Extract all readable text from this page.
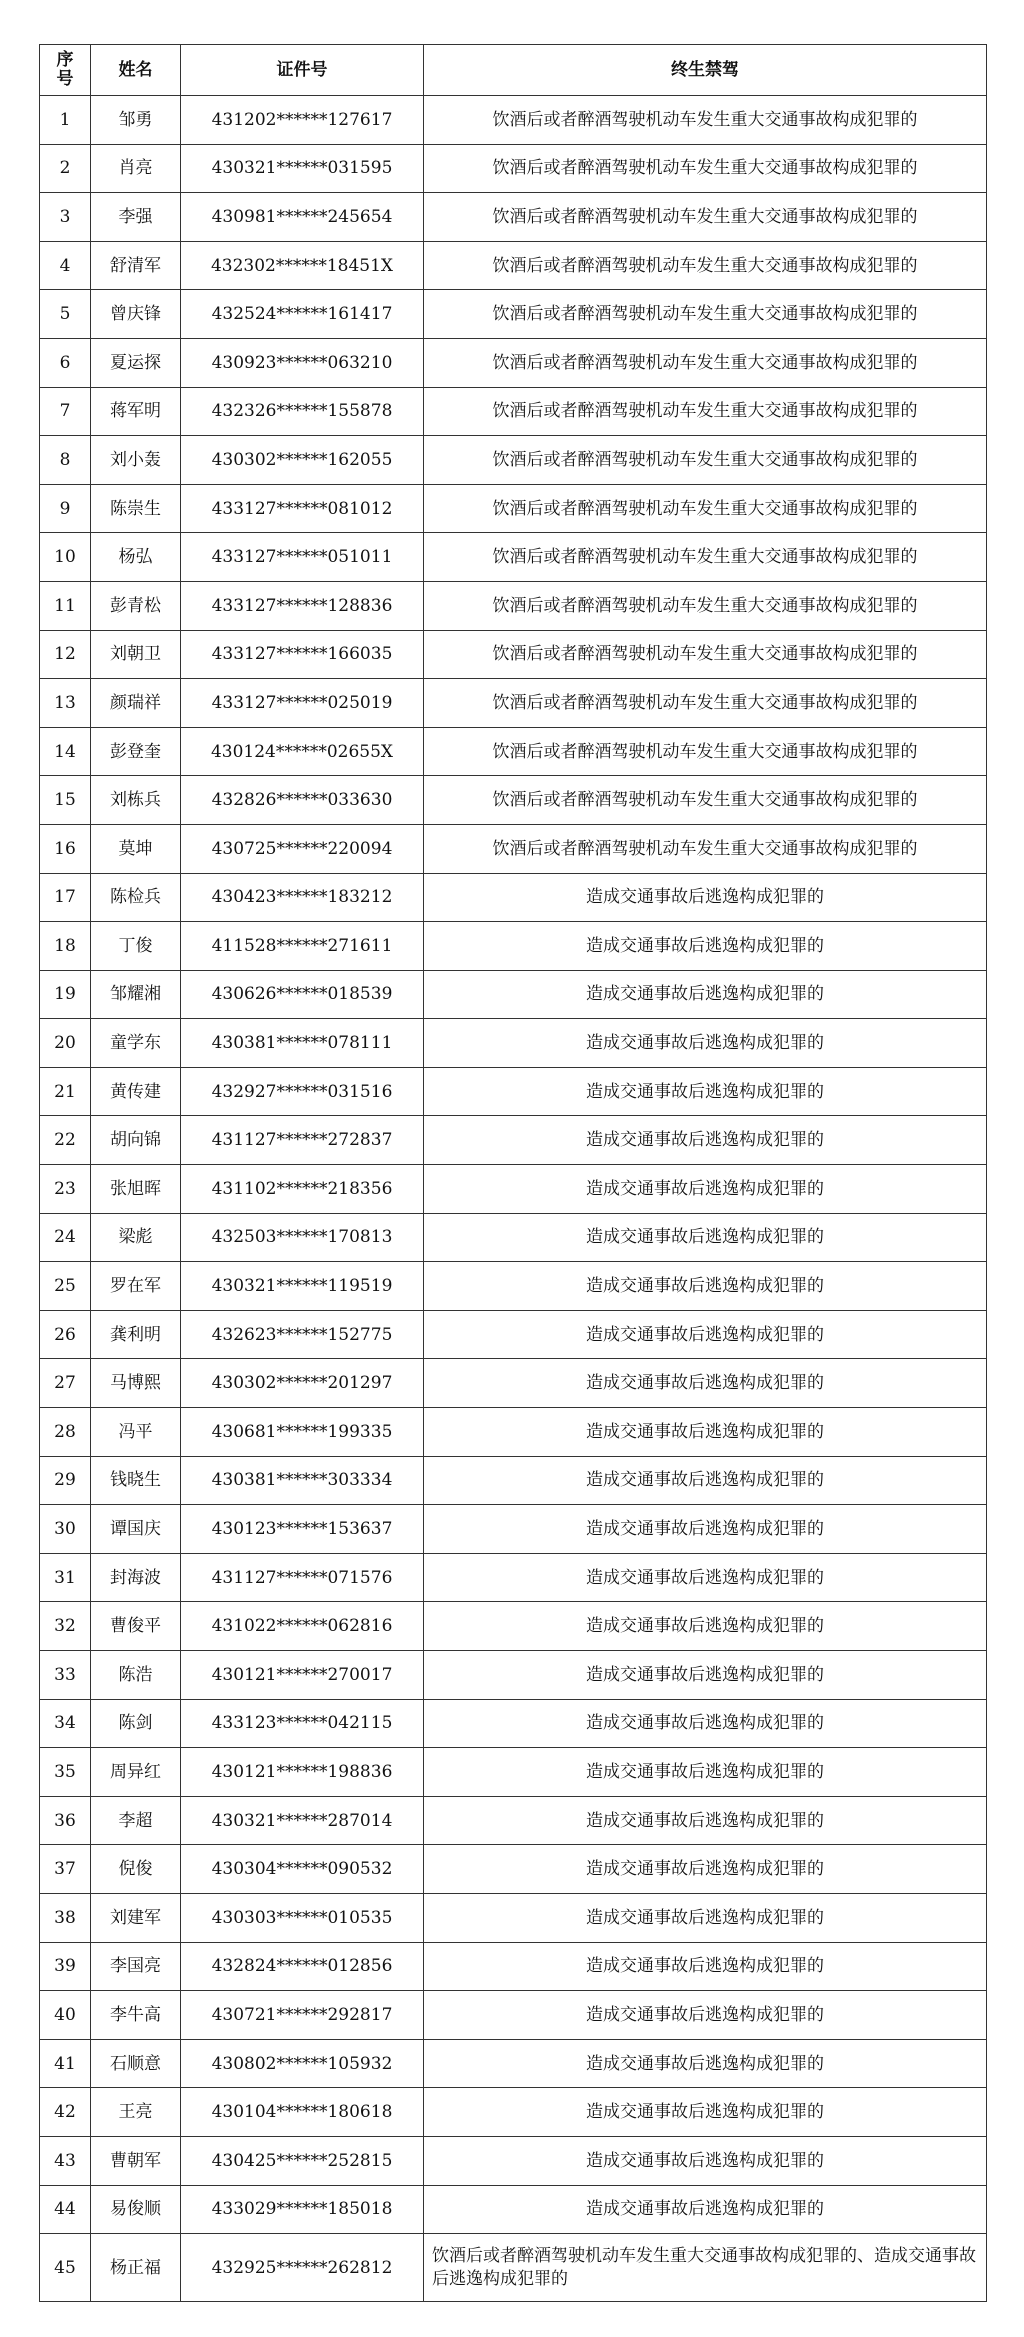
序
号	姓名	证件号	终生禁驾
1	邹勇	431202******127617	饮酒后或者醉酒驾驶机动车发生重大交通事故构成犯罪的
2	肖亮	430321******031595	饮酒后或者醉酒驾驶机动车发生重大交通事故构成犯罪的
3	李强	430981******245654	饮酒后或者醉酒驾驶机动车发生重大交通事故构成犯罪的
4	舒清军	432302******18451X	饮酒后或者醉酒驾驶机动车发生重大交通事故构成犯罪的
5	曾庆锋	432524******161417	饮酒后或者醉酒驾驶机动车发生重大交通事故构成犯罪的
6	夏运探	430923******063210	饮酒后或者醉酒驾驶机动车发生重大交通事故构成犯罪的
7	蒋军明	432326******155878	饮酒后或者醉酒驾驶机动车发生重大交通事故构成犯罪的
8	刘小轰	430302******162055	饮酒后或者醉酒驾驶机动车发生重大交通事故构成犯罪的
9	陈崇生	433127******081012	饮酒后或者醉酒驾驶机动车发生重大交通事故构成犯罪的
10	杨弘	433127******051011	饮酒后或者醉酒驾驶机动车发生重大交通事故构成犯罪的
11	彭青松	433127******128836	饮酒后或者醉酒驾驶机动车发生重大交通事故构成犯罪的
12	刘朝卫	433127******166035	饮酒后或者醉酒驾驶机动车发生重大交通事故构成犯罪的
13	颜瑞祥	433127******025019	饮酒后或者醉酒驾驶机动车发生重大交通事故构成犯罪的
14	彭登奎	430124******02655X	饮酒后或者醉酒驾驶机动车发生重大交通事故构成犯罪的
15	刘栋兵	432826******033630	饮酒后或者醉酒驾驶机动车发生重大交通事故构成犯罪的
16	莫坤	430725******220094	饮酒后或者醉酒驾驶机动车发生重大交通事故构成犯罪的
17	陈检兵	430423******183212	造成交通事故后逃逸构成犯罪的
18	丁俊	411528******271611	造成交通事故后逃逸构成犯罪的
19	邹耀湘	430626******018539	造成交通事故后逃逸构成犯罪的
20	童学东	430381******078111	造成交通事故后逃逸构成犯罪的
21	黄传建	432927******031516	造成交通事故后逃逸构成犯罪的
22	胡向锦	431127******272837	造成交通事故后逃逸构成犯罪的
23	张旭晖	431102******218356	造成交通事故后逃逸构成犯罪的
24	梁彪	432503******170813	造成交通事故后逃逸构成犯罪的
25	罗在军	430321******119519	造成交通事故后逃逸构成犯罪的
26	龚利明	432623******152775	造成交通事故后逃逸构成犯罪的
27	马博熙	430302******201297	造成交通事故后逃逸构成犯罪的
28	冯平	430681******199335	造成交通事故后逃逸构成犯罪的
29	钱晓生	430381******303334	造成交通事故后逃逸构成犯罪的
30	谭国庆	430123******153637	造成交通事故后逃逸构成犯罪的
31	封海波	431127******071576	造成交通事故后逃逸构成犯罪的
32	曹俊平	431022******062816	造成交通事故后逃逸构成犯罪的
33	陈浩	430121******270017	造成交通事故后逃逸构成犯罪的
34	陈剑	433123******042115	造成交通事故后逃逸构成犯罪的
35	周异红	430121******198836	造成交通事故后逃逸构成犯罪的
36	李超	430321******287014	造成交通事故后逃逸构成犯罪的
37	倪俊	430304******090532	造成交通事故后逃逸构成犯罪的
38	刘建军	430303******010535	造成交通事故后逃逸构成犯罪的
39	李国亮	432824******012856	造成交通事故后逃逸构成犯罪的
40	李牛高	430721******292817	造成交通事故后逃逸构成犯罪的
41	石顺意	430802******105932	造成交通事故后逃逸构成犯罪的
42	王亮	430104******180618	造成交通事故后逃逸构成犯罪的
43	曹朝军	430425******252815	造成交通事故后逃逸构成犯罪的
44	易俊顺	433029******185018	造成交通事故后逃逸构成犯罪的
45	杨正福	432925******262812	饮酒后或者醉酒驾驶机动车发生重大交通事故构成犯罪的、造成交通事故后逃逸构成犯罪的
